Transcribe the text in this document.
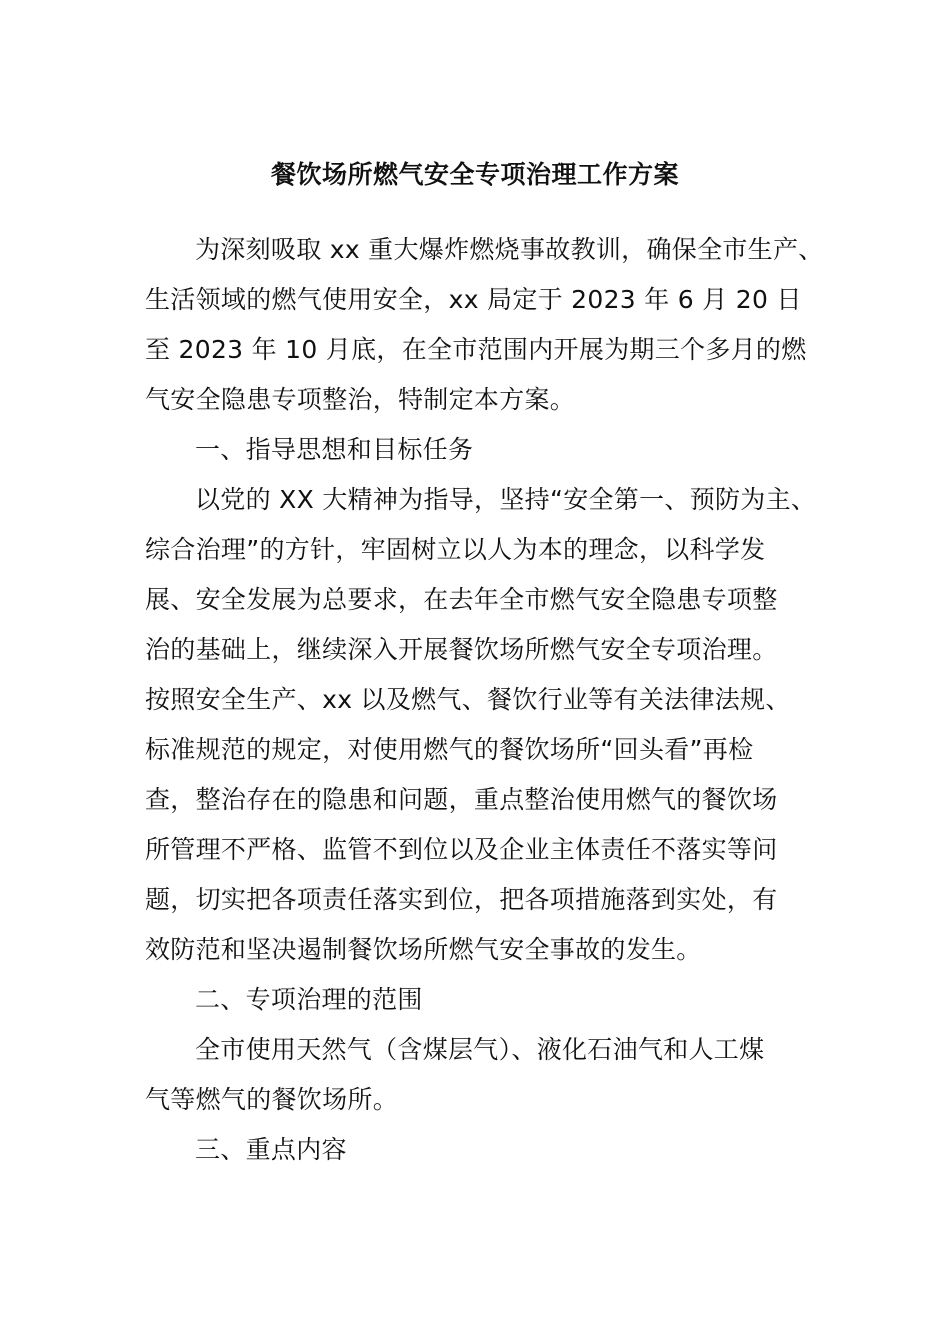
餐饮场所燃气安全专项治理工作方案
为深刻吸取 xx 重大爆炸燃烧事故教训，确保全市生产、
生活领域的燃气使用安全，xx 局定于 2023 年 6 月 20 日
至 2023 年 10 月底，在全市范围内开展为期三个多月的燃
气安全隐患专项整治，特制定本方案。
一、指导思想和目标任务
以党的 XX 大精神为指导，坚持“安全第一、预防为主、
综合治理”的方针，牢固树立以人为本的理念，以科学发
展、安全发展为总要求，在去年全市燃气安全隐患专项整
治的基础上，继续深入开展餐饮场所燃气安全专项治理。
按照安全生产、xx 以及燃气、餐饮行业等有关法律法规、
标准规范的规定，对使用燃气的餐饮场所“回头看”再检
查，整治存在的隐患和问题，重点整治使用燃气的餐饮场
所管理不严格、监管不到位以及企业主体责任不落实等问
题，切实把各项责任落实到位，把各项措施落到实处，有
效防范和坚决遏制餐饮场所燃气安全事故的发生。
二、专项治理的范围
全市使用天然气（含煤层气）、液化石油气和人工煤
气等燃气的餐饮场所。
三、重点内容
